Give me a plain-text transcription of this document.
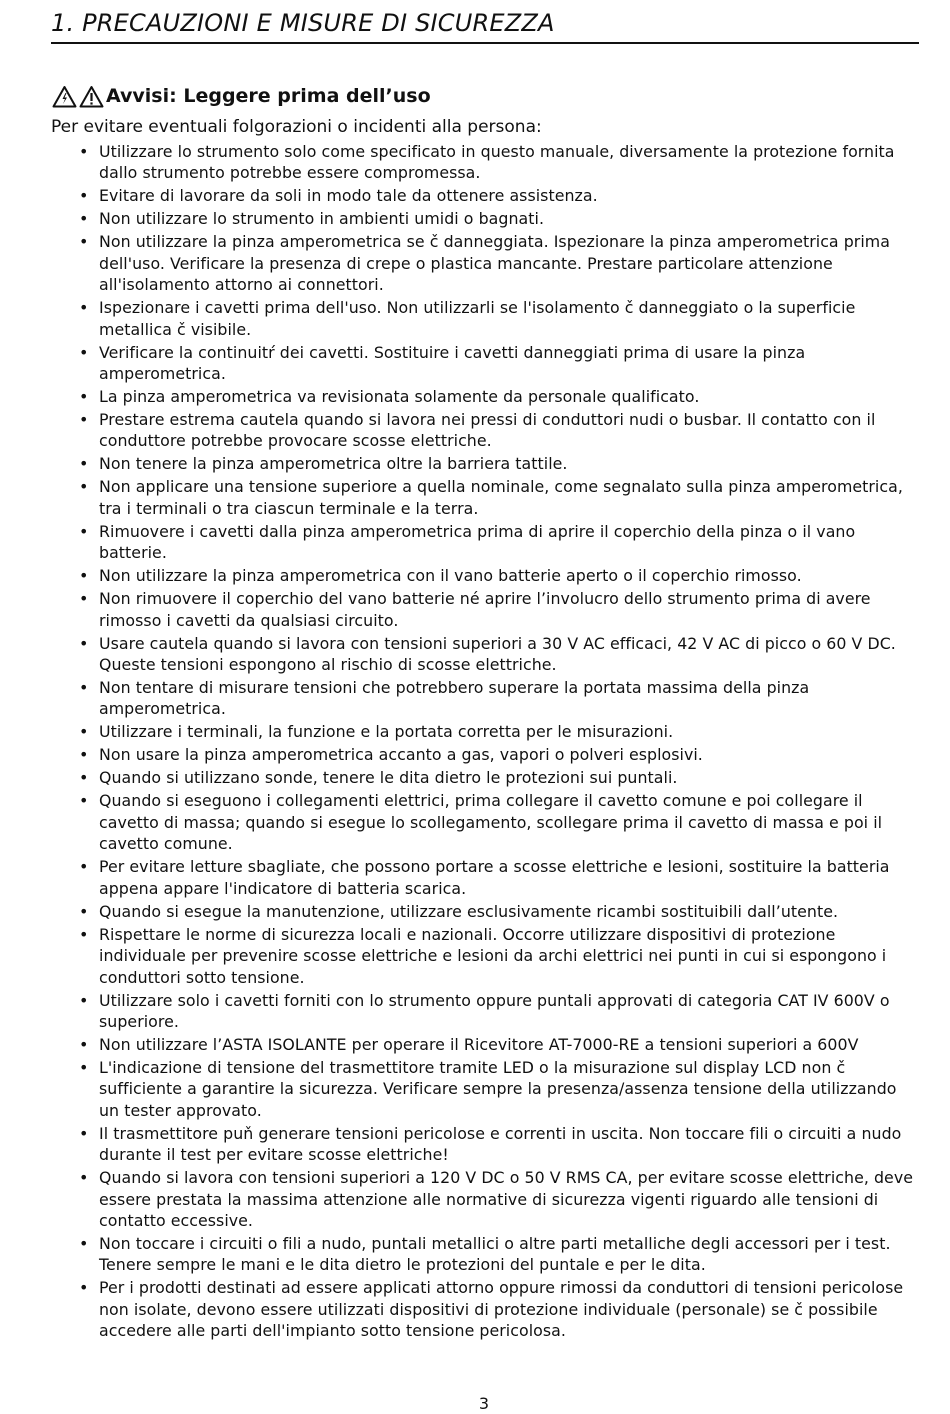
1. PRECAUZIONI E MISURE DI SICUREZZA
Avvisi: Leggere prima dell’uso
Per evitare eventuali folgorazioni o incidenti alla persona:
• Utilizzare lo strumento solo come specificato in questo manuale, diversamente la protezione fornita dallo strumento potrebbe essere compromessa.
• Evitare di lavorare da soli in modo tale da ottenere assistenza.
• Non utilizzare lo strumento in ambienti umidi o bagnati.
• Non utilizzare la pinza amperometrica se č danneggiata. Ispezionare la pinza amperometrica prima dell'uso. Verificare la presenza di crepe o plastica mancante. Prestare particolare attenzione all'isolamento attorno ai connettori.
• Ispezionare i cavetti prima dell'uso. Non utilizzarli se l'isolamento č danneggiato o la superficie metallica č visibile.
• Verificare la continuitŕ dei cavetti. Sostituire i cavetti danneggiati prima di usare la pinza amperometrica.
• La pinza amperometrica va revisionata solamente da personale qualificato.
• Prestare estrema cautela quando si lavora nei pressi di conduttori nudi o busbar. Il contatto con il conduttore potrebbe provocare scosse elettriche.
• Non tenere la pinza amperometrica oltre la barriera tattile.
• Non applicare una tensione superiore a quella nominale, come segnalato sulla pinza amperometrica, tra i terminali o tra ciascun terminale e la terra.
• Rimuovere i cavetti dalla pinza amperometrica prima di aprire il coperchio della pinza o il vano batterie.
• Non utilizzare la pinza amperometrica con il vano batterie aperto o il coperchio rimosso.
• Non rimuovere il coperchio del vano batterie né aprire l’involucro dello strumento prima di avere rimosso i cavetti da qualsiasi circuito.
• Usare cautela quando si lavora con tensioni superiori a 30 V AC efficaci, 42 V AC di picco o 60 V DC. Queste tensioni espongono al rischio di scosse elettriche.
• Non tentare di misurare tensioni che potrebbero superare la portata massima della pinza amperometrica.
• Utilizzare i terminali, la funzione e la portata corretta per le misurazioni.
• Non usare la pinza amperometrica accanto a gas, vapori o polveri esplosivi.
• Quando si utilizzano sonde, tenere le dita dietro le protezioni sui puntali.
• Quando si eseguono i collegamenti elettrici, prima collegare il cavetto comune e poi collegare il cavetto di massa; quando si esegue lo scollegamento, scollegare prima il cavetto di massa e poi il cavetto comune.
• Per evitare letture sbagliate, che possono portare a scosse elettriche e lesioni, sostituire la batteria appena appare l'indicatore di batteria scarica.
• Quando si esegue la manutenzione, utilizzare esclusivamente ricambi sostituibili dall’utente.
• Rispettare le norme di sicurezza locali e nazionali. Occorre utilizzare dispositivi di protezione individuale per prevenire scosse elettriche e lesioni da archi elettrici nei punti in cui si espongono i conduttori sotto tensione.
• Utilizzare solo i cavetti forniti con lo strumento oppure puntali approvati di categoria CAT IV 600V o superiore.
• Non utilizzare l’ASTA ISOLANTE per operare il Ricevitore AT-7000-RE a tensioni superiori a 600V
• L'indicazione di tensione del trasmettitore tramite LED o la misurazione sul display LCD non č sufficiente a garantire la sicurezza. Verificare sempre la presenza/assenza tensione della utilizzando un tester approvato.
• Il trasmettitore puň generare tensioni pericolose e correnti in uscita. Non toccare fili o circuiti a nudo durante il test per evitare scosse elettriche!
• Quando si lavora con tensioni superiori a 120 V DC o 50 V RMS CA, per evitare scosse elettriche, deve essere prestata la massima attenzione alle normative di sicurezza vigenti riguardo alle tensioni di contatto eccessive.
• Non toccare i circuiti o fili a nudo, puntali metallici o altre parti metalliche degli accessori per i test. Tenere sempre le mani e le dita dietro le protezioni del puntale e per le dita.
• Per i prodotti destinati ad essere applicati attorno oppure rimossi da conduttori di tensioni pericolose non isolate, devono essere utilizzati dispositivi di protezione individuale (personale) se č possibile accedere alle parti dell'impianto sotto tensione pericolosa.
3
